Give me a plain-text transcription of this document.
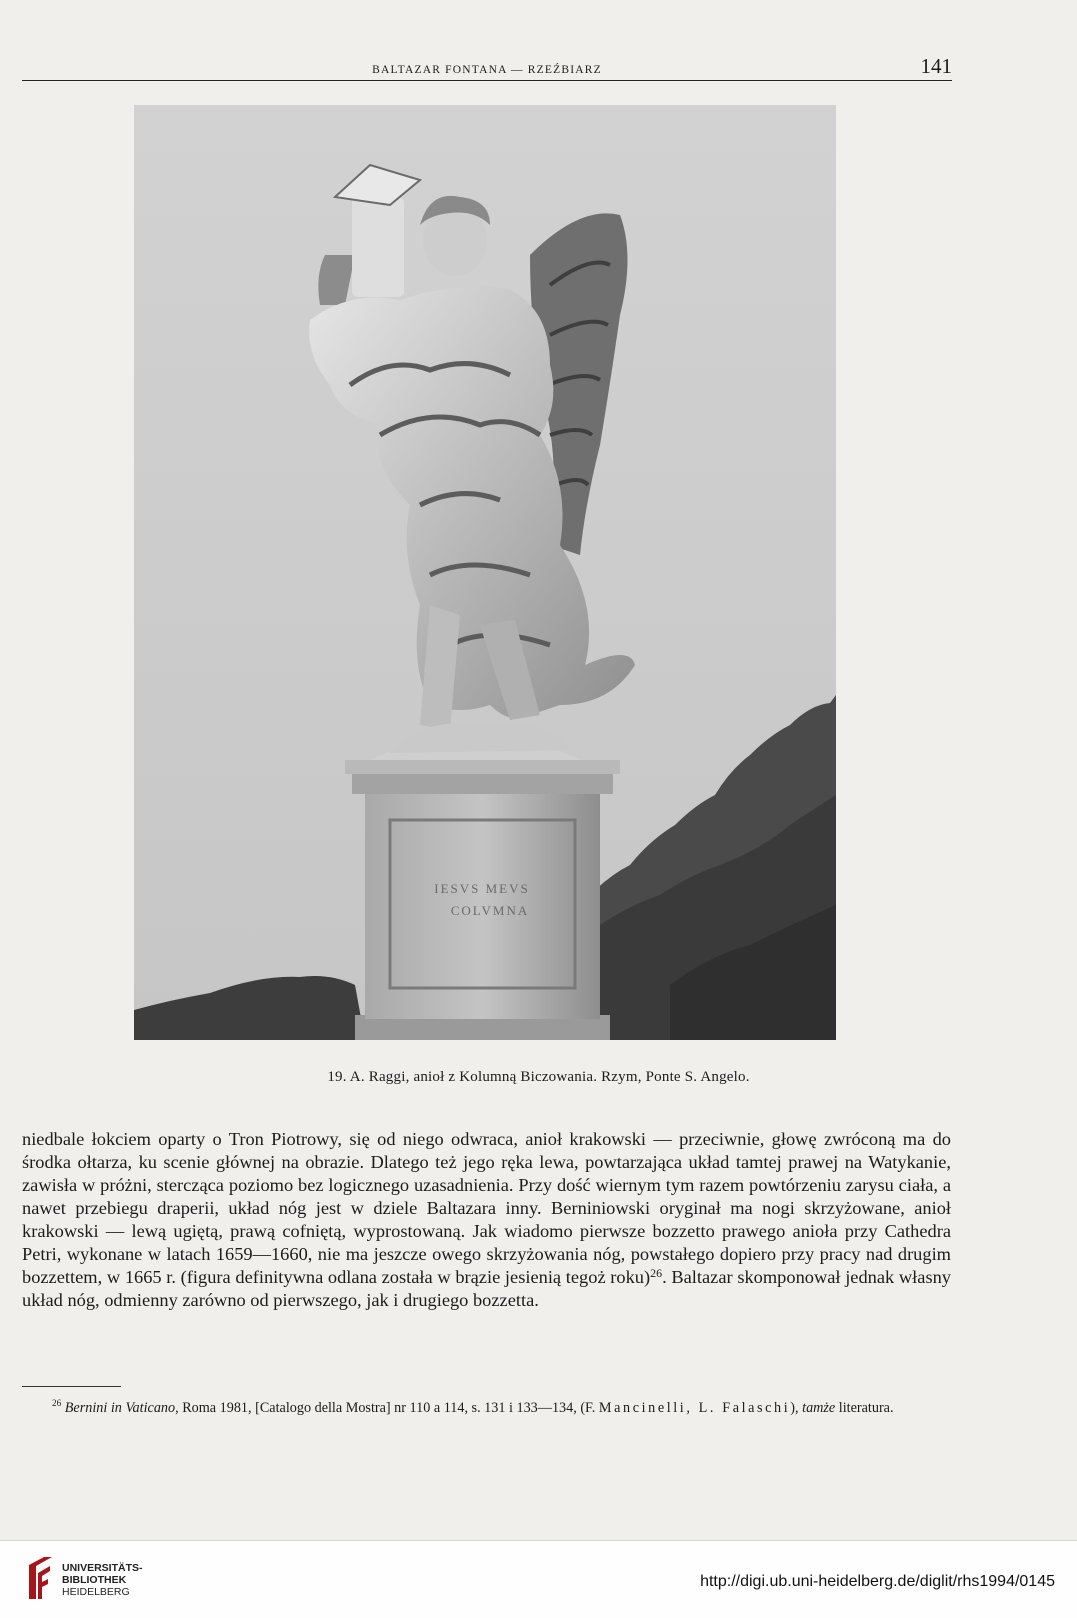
BALTAZAR FONTANA — RZEŹBIARZ	141
IESVS MEVS
COLVMNA
19. A. Raggi, anioł z Kolumną Biczowania. Rzym, Ponte S. Angelo.

niedbale łokciem oparty o Tron Piotrowy, się od niego odwraca, anioł krakowski — przeciwnie, głowę zwróconą ma do środka ołtarza, ku scenie głównej na obrazie. Dlatego też jego ręka lewa, powtarzająca układ tamtej prawej na Watykanie, zawisła w próżni, stercząca poziomo bez logicznego uzasadnienia. Przy dość wiernym tym razem powtórzeniu zarysu ciała, a nawet przebiegu draperii, układ nóg jest w dziele Baltazara inny. Berniniowski oryginał ma nogi skrzyżowane, anioł krakowski — lewą ugiętą, prawą cofniętą, wyprostowaną. Jak wiadomo pierwsze bozzetto prawego anioła przy Cathedra Petri, wykonane w latach 1659—1660, nie ma jeszcze owego skrzyżowania nóg, powstałego dopiero przy pracy nad drugim bozzettem, w 1665 r. (figura definitywna odlana została w brązie jesienią tegoż roku)$^{26}$. Baltazar skomponował jednak własny układ nóg, odmienny zarówno od pierwszego, jak i drugiego bozzetta.

$^{26}$ Bernini in Vaticano, Roma 1981, [Catalogo della Mostra] nr 110 a 114, s. 131 i 133—134, (F. Mancinelli, L. Falaschi), tamże literatura.
UNIVERSITÄTS-
BIBLIOTHEK
HEIDELBERG
http://digi.ub.uni-heidelberg.de/diglit/rhs1994/0145
